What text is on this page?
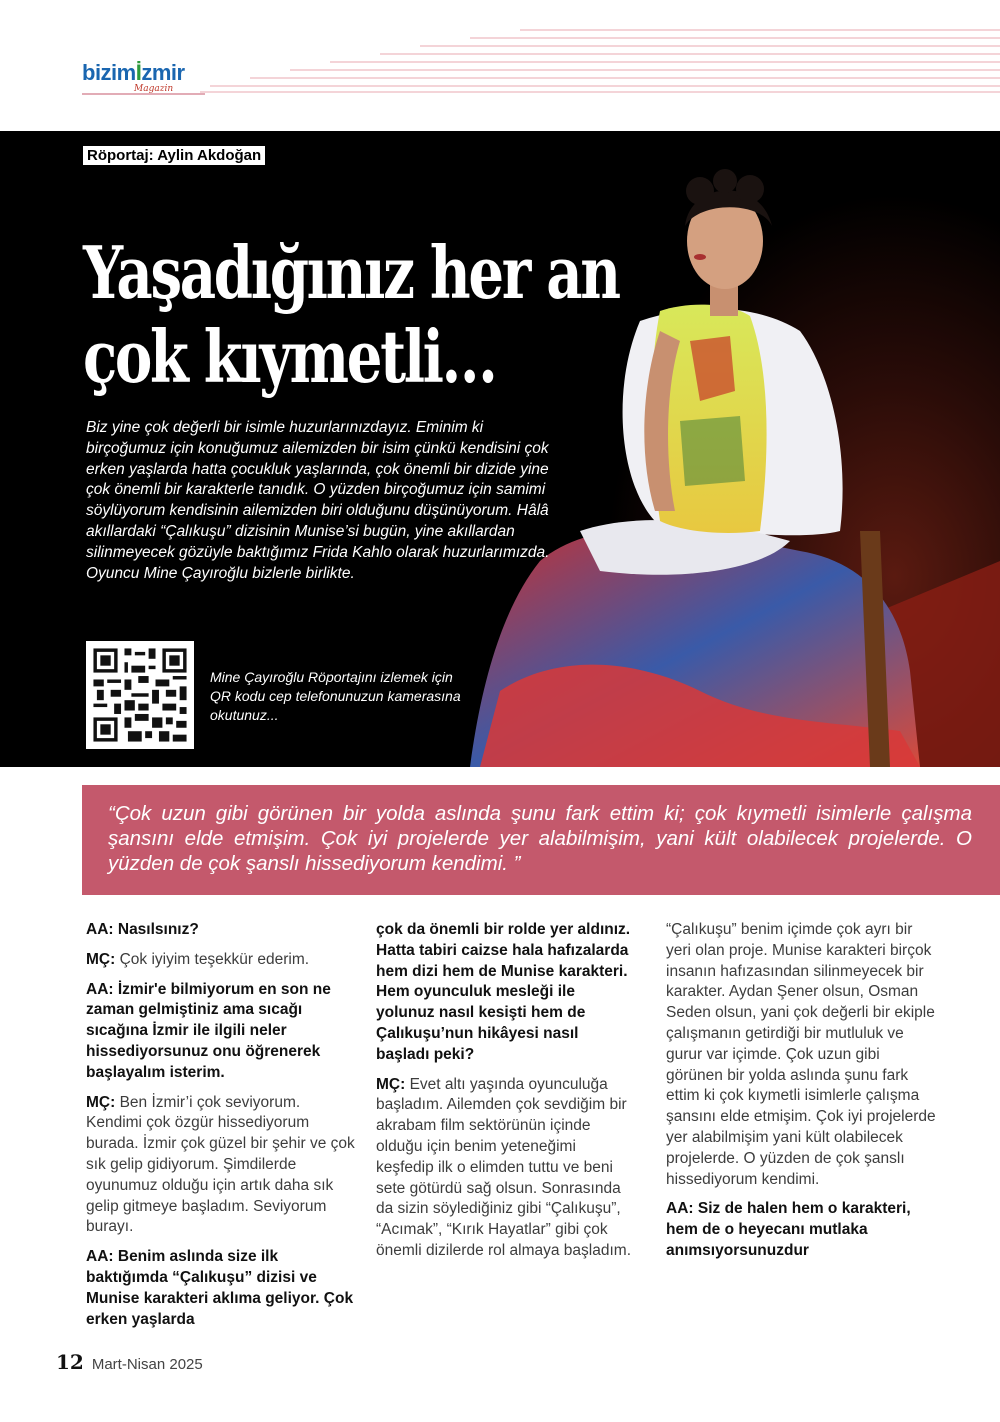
bizimİzmir
Magazin
Röportaj: Aylin Akdoğan
Yaşadığınız her an
çok kıymetli…

Biz yine çok değerli bir isimle huzurlarınızdayız. Eminim ki birçoğumuz için konuğumuz ailemizden bir isim çünkü kendisini çok erken yaşlarda hatta çocukluk yaşlarında, çok önemli bir dizide yine çok önemli bir karakterle tanıdık. O yüzden birçoğumuz için samimi söylüyorum kendisinin ailemizden biri olduğunu düşünüyorum. Hâlâ akıllardaki “Çalıkuşu” dizisinin Munise’si bugün, yine akıllardan silinmeyecek gözüyle baktığımız Frida Kahlo olarak huzurlarımızda. Oyuncu Mine Çayıroğlu bizlerle birlikte.

Mine Çayıroğlu Röportajını izlemek için QR kodu cep telefonunuzun kamerasına okutunuz...

“Çok uzun gibi görünen bir yolda aslında şunu fark ettim ki; çok kıymetli isimlerle çalışma şansını elde etmişim. Çok iyi projelerde yer alabilmişim, yani kült olabilecek projelerde. O yüzden de çok şanslı hissediyorum kendimi. ”

AA: Nasılsınız?

MÇ: Çok iyiyim teşekkür ederim.

AA: İzmir'e bilmiyorum en son ne zaman gelmiştiniz ama sıcağı sıcağına İzmir ile ilgili neler hissediyorsunuz onu öğrenerek başlayalım isterim.

MÇ: Ben İzmir’i çok seviyorum. Kendimi çok özgür hissediyorum burada. İzmir çok güzel bir şehir ve çok sık gelip gidiyorum. Şimdilerde oyunumuz olduğu için artık daha sık gelip gitmeye başladım. Seviyorum burayı.

AA: Benim aslında size ilk baktığımda “Çalıkuşu” dizisi ve Munise karakteri aklıma geliyor. Çok erken yaşlarda

çok da önemli bir rolde yer aldınız. Hatta tabiri caizse hala hafızalarda hem dizi hem de Munise karakteri. Hem oyunculuk mesleği ile yolunuz nasıl kesişti hem de Çalıkuşu’nun hikâyesi nasıl başladı peki?

MÇ: Evet altı yaşında oyunculuğa başladım. Ailemden çok sevdiğim bir akrabam film sektörünün içinde olduğu için benim yeteneğimi keşfedip ilk o elimden tuttu ve beni sete götürdü sağ olsun. Sonrasında da sizin söylediğiniz gibi “Çalıkuşu”, “Acımak”, “Kırık Hayatlar” gibi çok önemli dizilerde rol almaya başladım.

“Çalıkuşu” benim içimde çok ayrı bir yeri olan proje. Munise karakteri birçok insanın hafızasından silinmeyecek bir karakter. Aydan Şener olsun, Osman Seden olsun, yani çok değerli bir ekiple çalışmanın getirdiği bir mutluluk ve gurur var içimde. Çok uzun gibi görünen bir yolda aslında şunu fark ettim ki çok kıymetli isimlerle çalışma şansını elde etmişim. Çok iyi projelerde yer alabilmişim yani kült olabilecek projelerde. O yüzden de çok şanslı hissediyorum kendimi.

AA: Siz de halen hem o karakteri, hem de o heyecanı mutlaka anımsıyorsunuzdur

12 Mart-Nisan 2025
